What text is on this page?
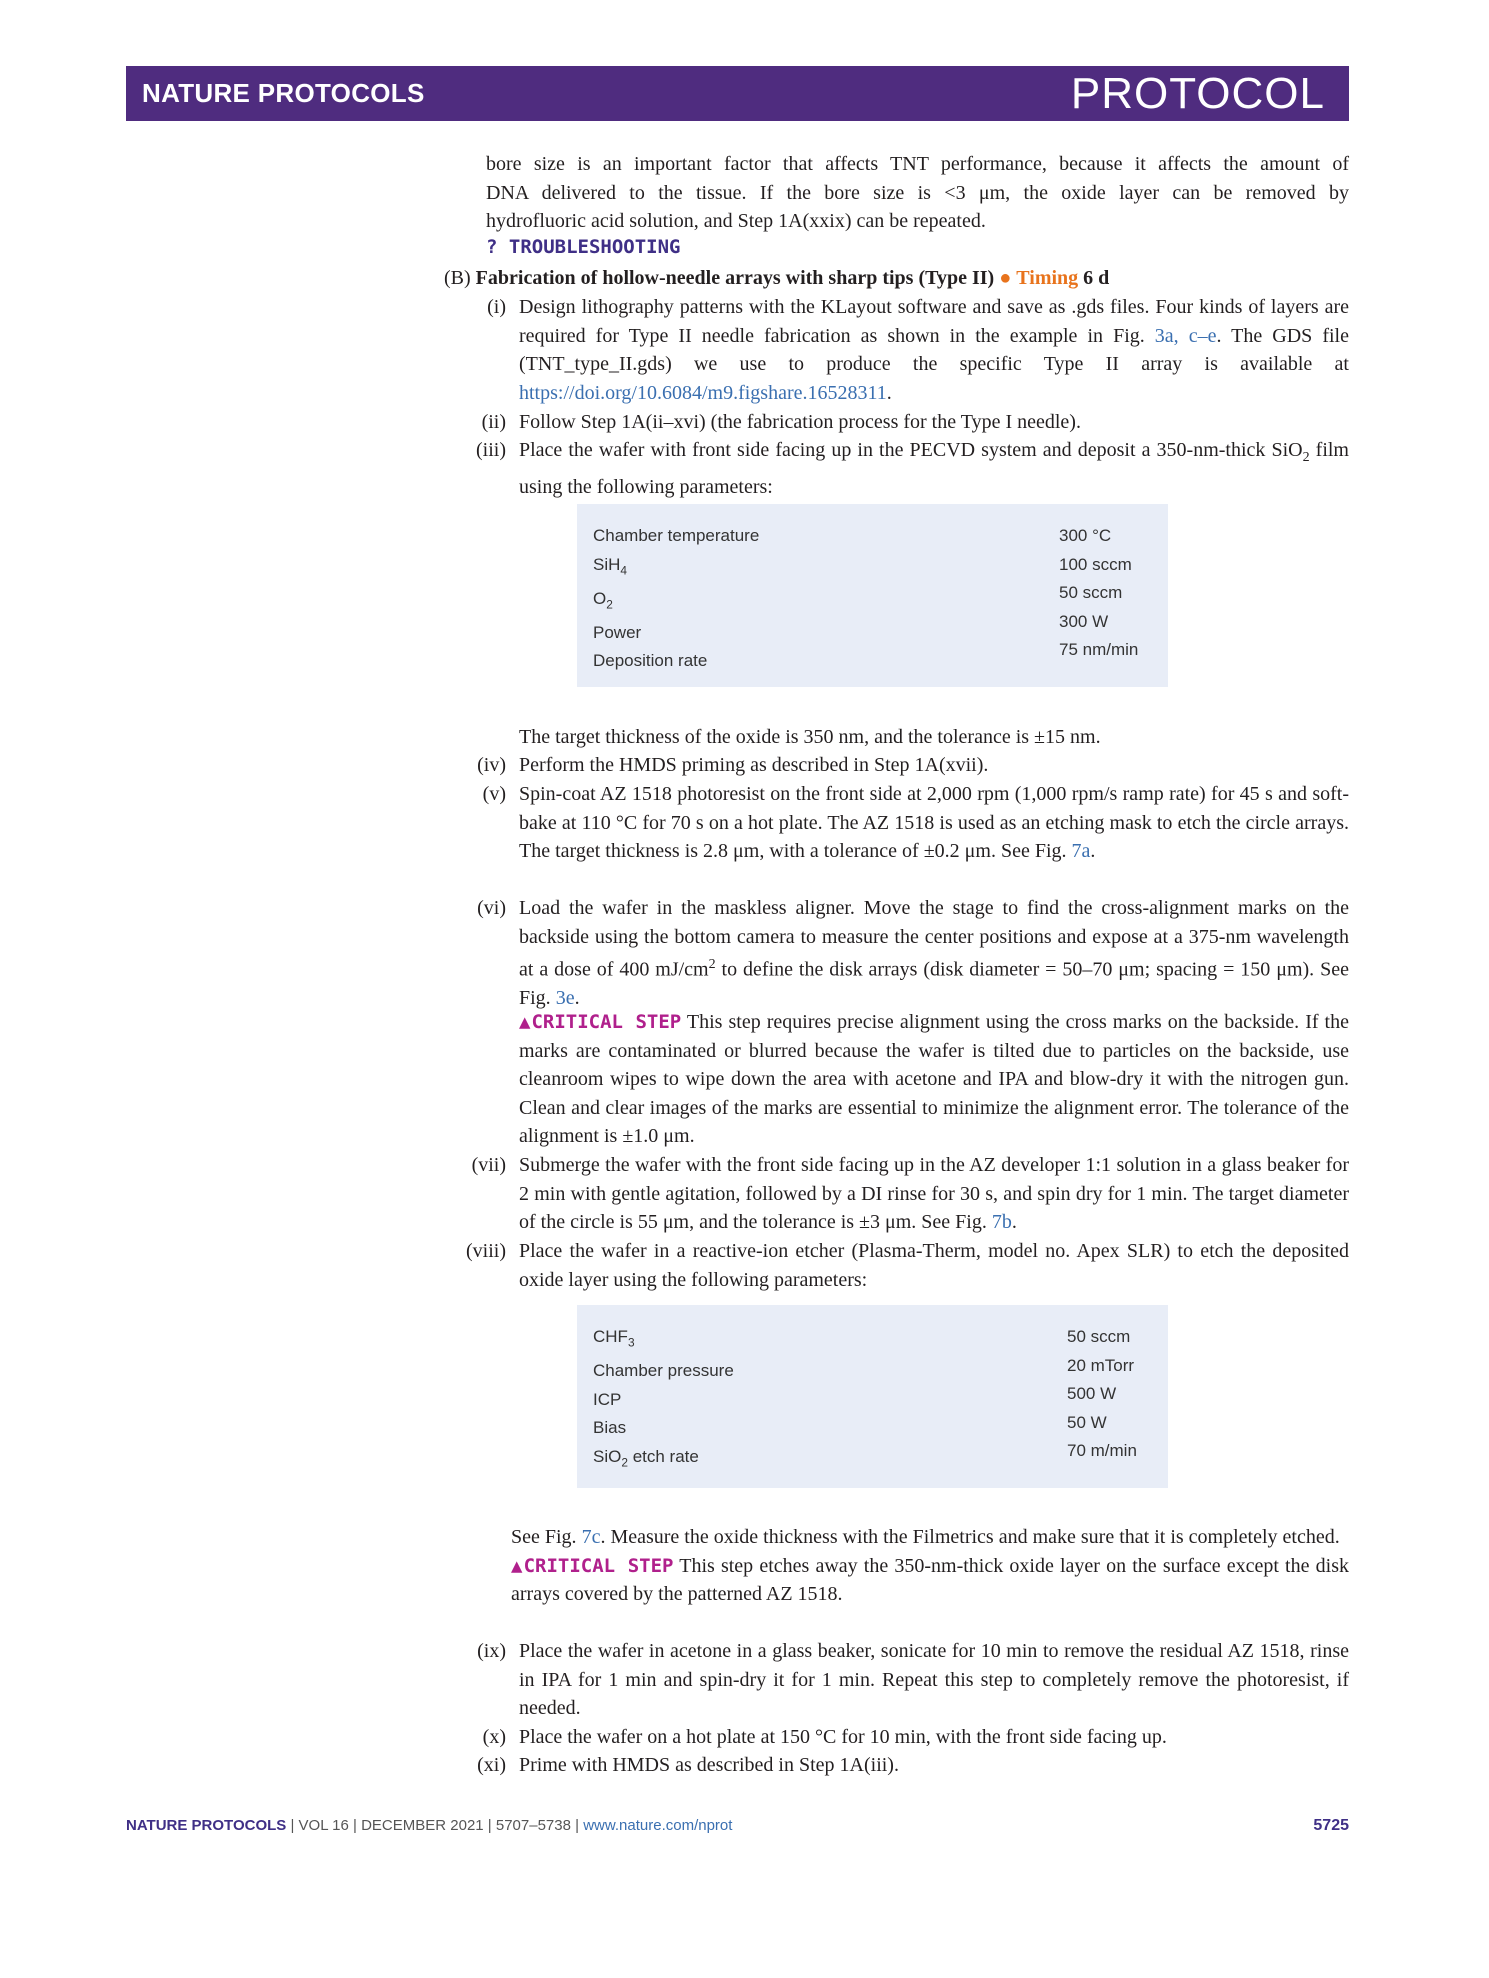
NATURE PROTOCOLS	PROTOCOL
bore size is an important factor that affects TNT performance, because it affects the amount of
DNA delivered to the tissue. If the bore size is <3 μm, the oxide layer can be removed by
hydrofluoric acid solution, and Step 1A(xxix) can be repeated.
? TROUBLESHOOTING
(B) Fabrication of hollow-needle arrays with sharp tips (Type II) ● Timing 6 d
(i) Design lithography patterns with the KLayout software and save as .gds files. Four kinds of layers are required for Type II needle fabrication as shown in the example in Fig. 3a, c–e. The GDS file (TNT_type_II.gds) we use to produce the specific Type II array is available at https://doi.org/10.6084/m9.figshare.16528311.
(ii) Follow Step 1A(ii–xvi) (the fabrication process for the Type I needle).
(iii) Place the wafer with front side facing up in the PECVD system and deposit a 350-nm-thick SiO$_2$ film using the following parameters:
Chamber temperature
SiH$_4$
$O_2$
Power
Deposition rate
300 °C
100 sccm
50 sccm
300 W
75 nm/min
The target thickness of the oxide is 350 nm, and the tolerance is ±15 nm.
(iv) Perform the HMDS priming as described in Step 1A(xvii).
(v) Spin-coat AZ 1518 photoresist on the front side at 2,000 rpm (1,000 rpm/s ramp rate) for 45 s and soft-bake at 110 °C for 70 s on a hot plate. The AZ 1518 is used as an etching mask to etch the circle arrays. The target thickness is 2.8 μm, with a tolerance of ±0.2 μm. See Fig. 7a.
(vi) Load the wafer in the maskless aligner. Move the stage to find the cross-alignment marks on the backside using the bottom camera to measure the center positions and expose at a 375-nm wavelength at a dose of 400 $mJ/cm^2$ to define the disk arrays (disk diameter = 50–70 μm; spacing = 150 μm). See Fig. 3e.
▲CRITICAL STEP This step requires precise alignment using the cross marks on the backside. If the marks are contaminated or blurred because the wafer is tilted due to particles on the backside, use cleanroom wipes to wipe down the area with acetone and IPA and blow-dry it with the nitrogen gun. Clean and clear images of the marks are essential to minimize the alignment error. The tolerance of the alignment is ±1.0 μm.
(vii) Submerge the wafer with the front side facing up in the AZ developer 1:1 solution in a glass beaker for 2 min with gentle agitation, followed by a DI rinse for 30 s, and spin dry for 1 min. The target diameter of the circle is 55 μm, and the tolerance is ±3 μm. See Fig. 7b.
(viii) Place the wafer in a reactive-ion etcher (Plasma-Therm, model no. Apex SLR) to etch the deposited oxide layer using the following parameters:
$CHF_3$
Chamber pressure
ICP
Bias
SiO$_2$ etch rate
50 sccm
20 mTorr
500 W
50 W
70 m/min
See Fig. 7c. Measure the oxide thickness with the Filmetrics and make sure that it is completely etched.
▲CRITICAL STEP This step etches away the 350-nm-thick oxide layer on the surface except the disk arrays covered by the patterned AZ 1518.
(ix) Place the wafer in acetone in a glass beaker, sonicate for 10 min to remove the residual AZ 1518, rinse in IPA for 1 min and spin-dry it for 1 min. Repeat this step to completely remove the photoresist, if needed.
(x) Place the wafer on a hot plate at 150 °C for 10 min, with the front side facing up.
(xi) Prime with HMDS as described in Step 1A(iii).
NATURE PROTOCOLS | VOL 16 | DECEMBER 2021 | 5707–5738 | www.nature.com/nprot	5725
